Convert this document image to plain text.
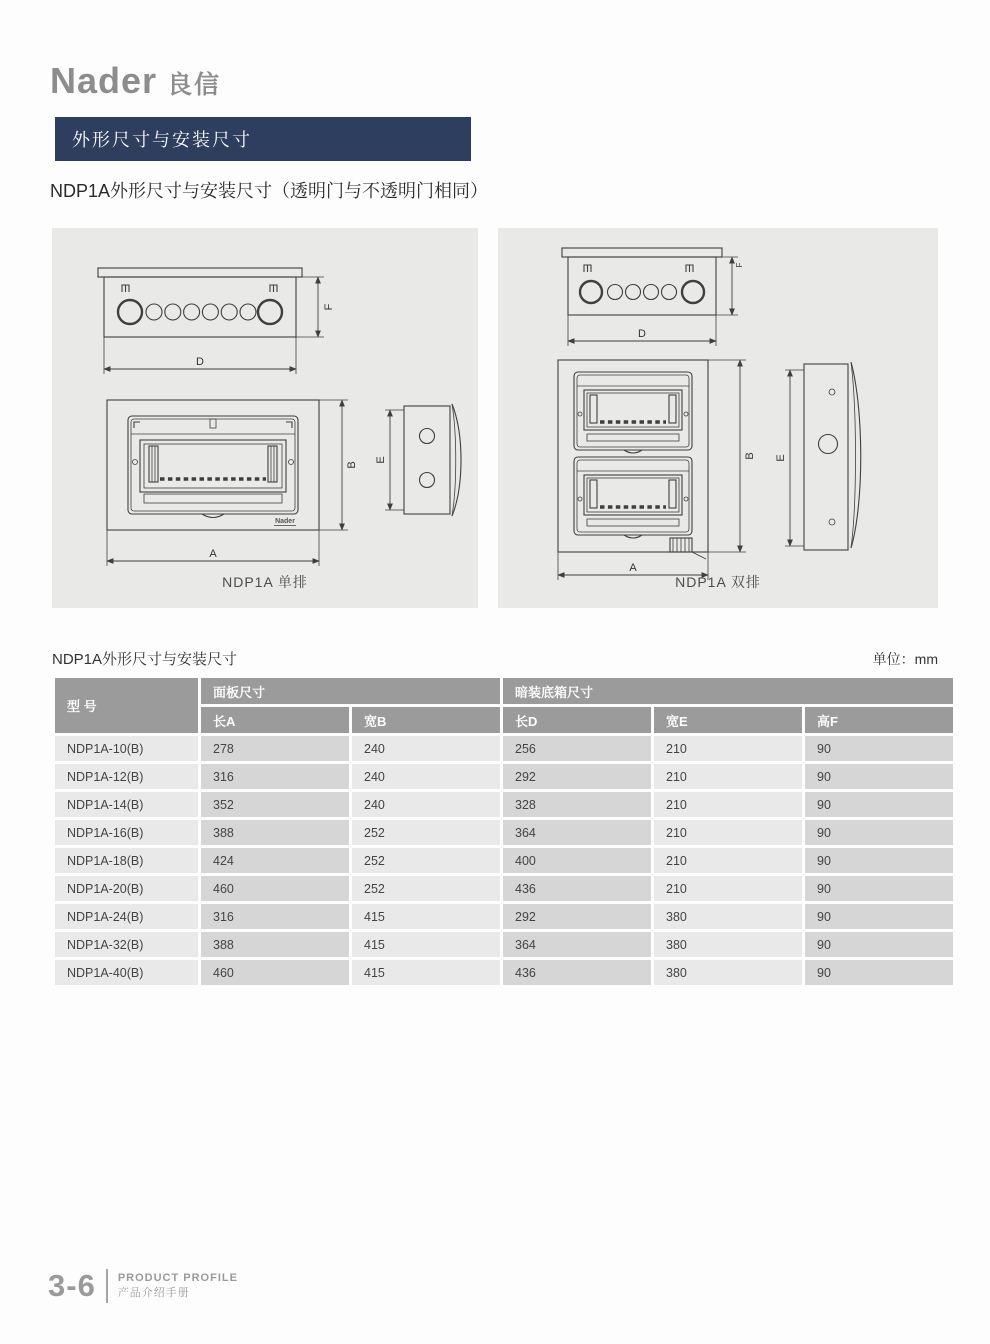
Nader 良信
外形尺寸与安装尺寸
NDP1A外形尺寸与安装尺寸（透明门与不透明门相同）
F
D
Nader
B
A
E
NDP1A 单排
F
D
B
A
E
NDP1A 双排
NDP1A外形尺寸与安装尺寸	单位：mm
型 号	面板尺寸		暗装底箱尺寸		
	长A	宽B	长D	宽E	高F
NDP1A-10(B)	278	240	256	210	90
NDP1A-12(B)	316	240	292	210	90
NDP1A-14(B)	352	240	328	210	90
NDP1A-16(B)	388	252	364	210	90
NDP1A-18(B)	424	252	400	210	90
NDP1A-20(B)	460	252	436	210	90
NDP1A-24(B)	316	415	292	380	90
NDP1A-32(B)	388	415	364	380	90
NDP1A-40(B)	460	415	436	380	90
3-6 PRODUCT PROFILE
产品介绍手册
